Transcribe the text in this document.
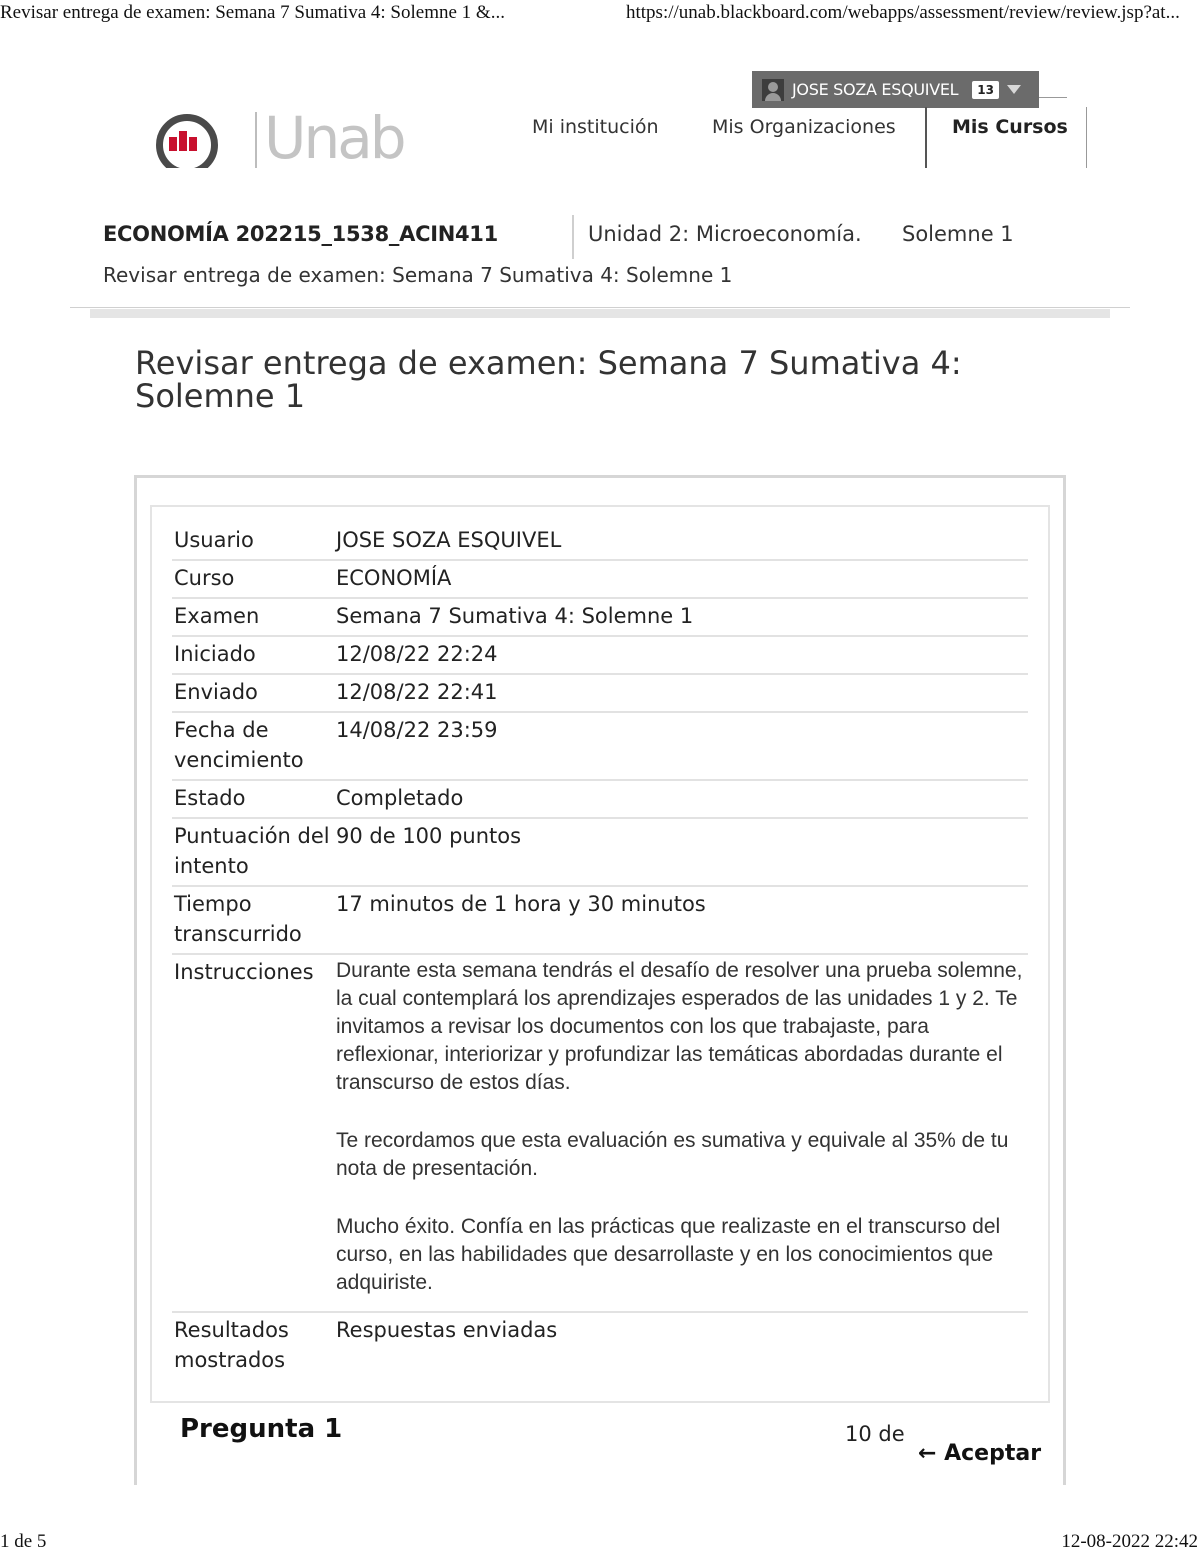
Revisar entrega de examen: Semana 7 Sumativa 4: Solemne 1 &...	https://unab.blackboard.com/webapps/assessment/review/review.jsp?at...
1 de 5	12-08-2022 22:42
JOSE SOZA ESQUIVEL	13
Unab	Mi institución	Mis Organizaciones	Mis Cursos
ECONOMÍA 202215_1538_ACIN411	Unidad 2: Microeconomía. Solemne 1
Revisar entrega de examen: Semana 7 Sumativa 4: Solemne 1
Revisar entrega de examen: Semana 7 Sumativa 4: Solemne 1
Usuario	JOSE SOZA ESQUIVEL
Curso	ECONOMÍA
Examen	Semana 7 Sumativa 4: Solemne 1
Iniciado	12/08/22 22:24
Enviado	12/08/22 22:41
Fecha de vencimiento	14/08/22 23:59
Estado	Completado
Puntuación del intento	90 de 100 puntos
Tiempo transcurrido	17 minutos de 1 hora y 30 minutos
Instrucciones	Durante esta semana tendrás el desafío de resolver una prueba solemne, la cual contemplará los aprendizajes esperados de las unidades 1 y 2. Te invitamos a revisar los documentos con los que trabajaste, para reflexionar, interiorizar y profundizar las temáticas abordadas durante el transcurso de estos días.

Te recordamos que esta evaluación es sumativa y equivale al 35% de tu nota de presentación.

Mucho éxito. Confía en las prácticas que realizaste en el transcurso del curso, en las habilidades que desarrollaste y en los conocimientos que adquiriste.

Resultados mostrados	Respuestas enviadas
Pregunta 1	10 de
← Aceptar
